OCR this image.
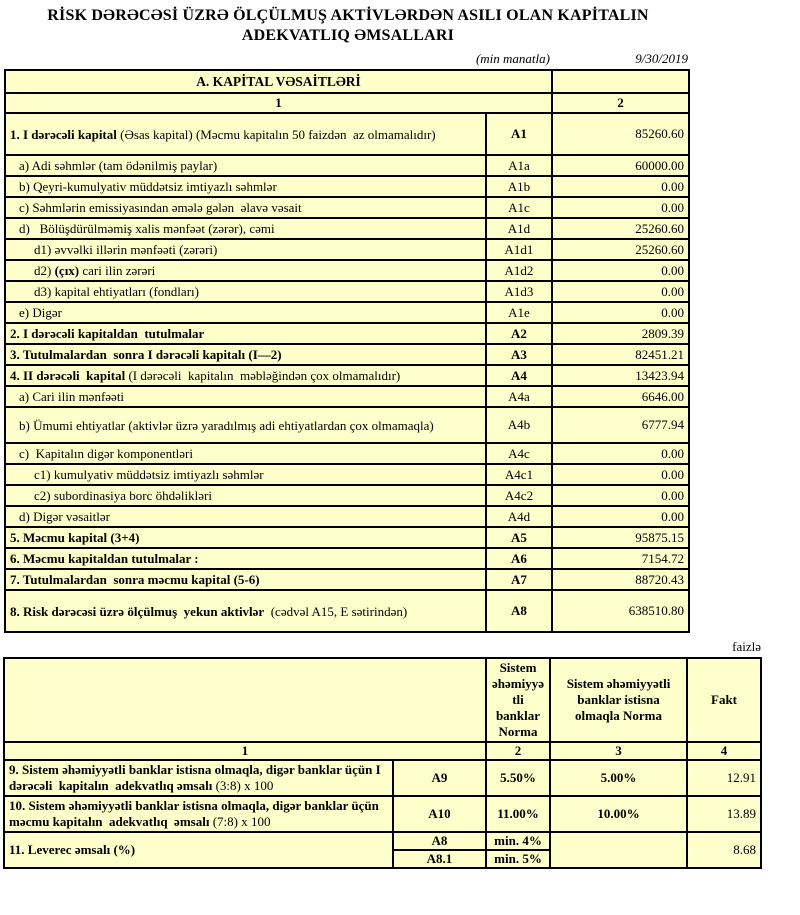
RİSK DƏRƏCƏSİ ÜZRƏ ÖLÇÜLMUŞ AKTİVLƏRDƏN ASILI OLAN KAPİTALIN
ADEKVATLIQ ƏMSALLARI
(min manatla)	9/30/2019
A. KAPİTAL VƏSAİTLƏRİ		
1		2
1. I dərəcəli kapital (Əsas kapital) (Məcmu kapitalın 50 faizdən  az olmamalıdır)	A1	85260.60
a) Adi səhmlər (tam ödənilmiş paylar)	A1a	60000.00
b) Qeyri-kumulyativ müddətsiz imtiyazlı səhmlər	A1b	0.00
c) Səhmlərin emissiyasından əmələ gələn  əlavə vəsait	A1c	0.00
d)   Bölüşdürülməmiş xalis mənfəət (zərər), cəmi	A1d	25260.60
d1) əvvəlki illərin mənfəəti (zərəri)	A1d1	25260.60
d2) (çıx) cari ilin zərəri	A1d2	0.00
d3) kapital ehtiyatları (fondları)	A1d3	0.00
e) Digər	A1e	0.00
2. I dərəcəli kapitaldan  tutulmalar	A2	2809.39
3. Tutulmalardan  sonra I dərəcəli kapitalı (I—2)	A3	82451.21
4. II dərəcəli  kapital (I dərəcəli  kapitalın  məbləğindən çox olmamalıdır)	A4	13423.94
a) Cari ilin mənfəəti	A4a	6646.00
b) Ümumi ehtiyatlar (aktivlər üzrə yaradılmış adi ehtiyatlardan çox olmamaqla)	A4b	6777.94
c)  Kapitalın digər komponentləri	A4c	0.00
c1) kumulyativ müddətsiz imtiyazlı səhmlər	A4c1	0.00
c2) subordinasiya borc öhdəlikləri	A4c2	0.00
d) Digər vəsaitlər	A4d	0.00
5. Məcmu kapital (3+4)	A5	95875.15
6. Məcmu kapitaldan tutulmalar :	A6	7154.72
7. Tutulmalardan  sonra məcmu kapital (5-6)	A7	88720.43
8. Risk dərəcəsi üzrə ölçülmuş  yekun aktivlər  (cədvəl A15, E sətirindən)	A8	638510.80
faizlə
		Sistem əhəmiyyətli banklar Norma	Sistem əhəmiyyətli banklar istisna olmaqla Norma	Fakt
1		2	3	4
9. Sistem əhəmiyyətli banklar istisna olmaqla, digər banklar üçün I dərəcəli  kapitalın  adekvatlıq əmsalı (3:8) x 100	A9	5.50%	5.00%	12.91
10. Sistem əhəmiyyətli banklar istisna olmaqla, digər banklar üçün məcmu kapitalın  adekvatlıq  əmsalı (7:8) x 100	A10	11.00%	10.00%	13.89
11. Leverec əmsalı (%)	A8	min. 4%		8.68
	A8.1	min. 5%		
